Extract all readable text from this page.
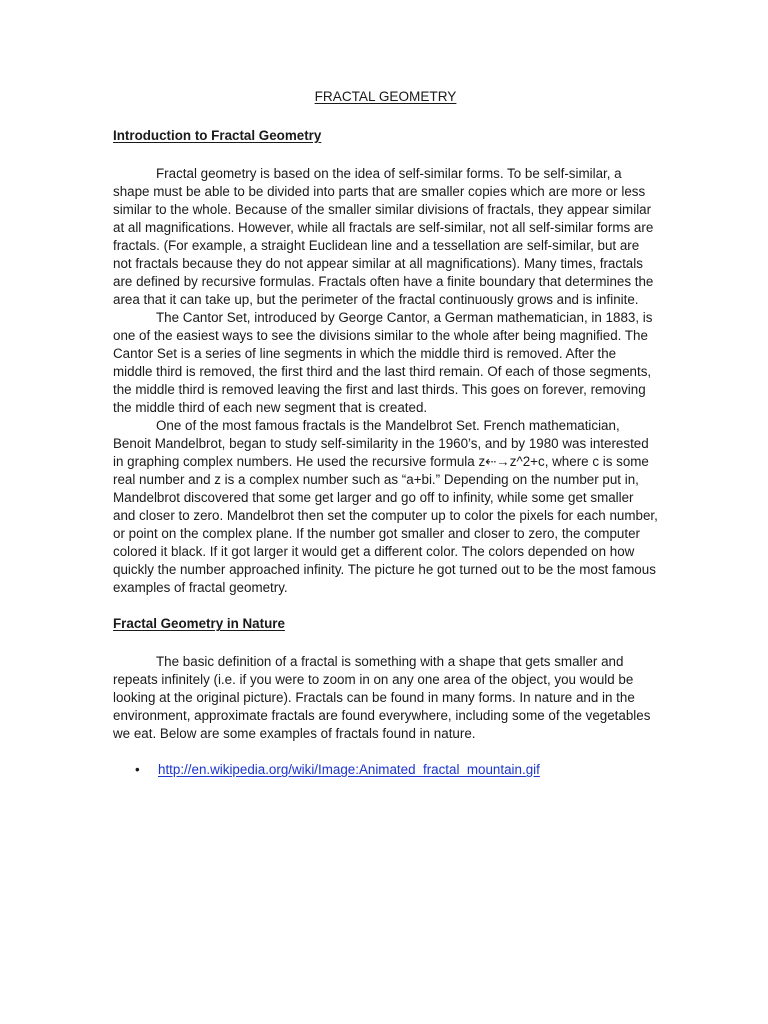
FRACTAL GEOMETRY
Introduction to Fractal Geometry

Fractal geometry is based on the idea of self-similar forms. To be self-similar, a shape must be able to be divided into parts that are smaller copies which are more or less similar to the whole. Because of the smaller similar divisions of fractals, they appear similar at all magnifications. However, while all fractals are self-similar, not all self-similar forms are fractals. (For example, a straight Euclidean line and a tessellation are self-similar, but are not fractals because they do not appear similar at all magnifications). Many times, fractals are defined by recursive formulas. Fractals often have a finite boundary that determines the area that it can take up, but the perimeter of the fractal continuously grows and is infinite.

The Cantor Set, introduced by George Cantor, a German mathematician, in 1883, is one of the easiest ways to see the divisions similar to the whole after being magnified. The Cantor Set is a series of line segments in which the middle third is removed. After the middle third is removed, the first third and the last third remain. Of each of those segments, the middle third is removed leaving the first and last thirds. This goes on forever, removing the middle third of each new segment that is created.

One of the most famous fractals is the Mandelbrot Set. French mathematician, Benoit Mandelbrot, began to study self-similarity in the 1960’s, and by 1980 was interested in graphing complex numbers. He used the recursive formula z⇠→z^2+c, where c is some real number and z is a complex number such as “a+bi.” Depending on the number put in, Mandelbrot discovered that some get larger and go off to infinity, while some get smaller and closer to zero. Mandelbrot then set the computer up to color the pixels for each number, or point on the complex plane. If the number got smaller and closer to zero, the computer colored it black. If it got larger it would get a different color. The colors depended on how quickly the number approached infinity. The picture he got turned out to be the most famous examples of fractal geometry.

Fractal Geometry in Nature

The basic definition of a fractal is something with a shape that gets smaller and repeats infinitely (i.e. if you were to zoom in on any one area of the object, you would be looking at the original picture). Fractals can be found in many forms. In nature and in the environment, approximate fractals are found everywhere, including some of the vegetables we eat. Below are some examples of fractals found in nature.

• http://en.wikipedia.org/wiki/Image:Animated_fractal_mountain.gif
